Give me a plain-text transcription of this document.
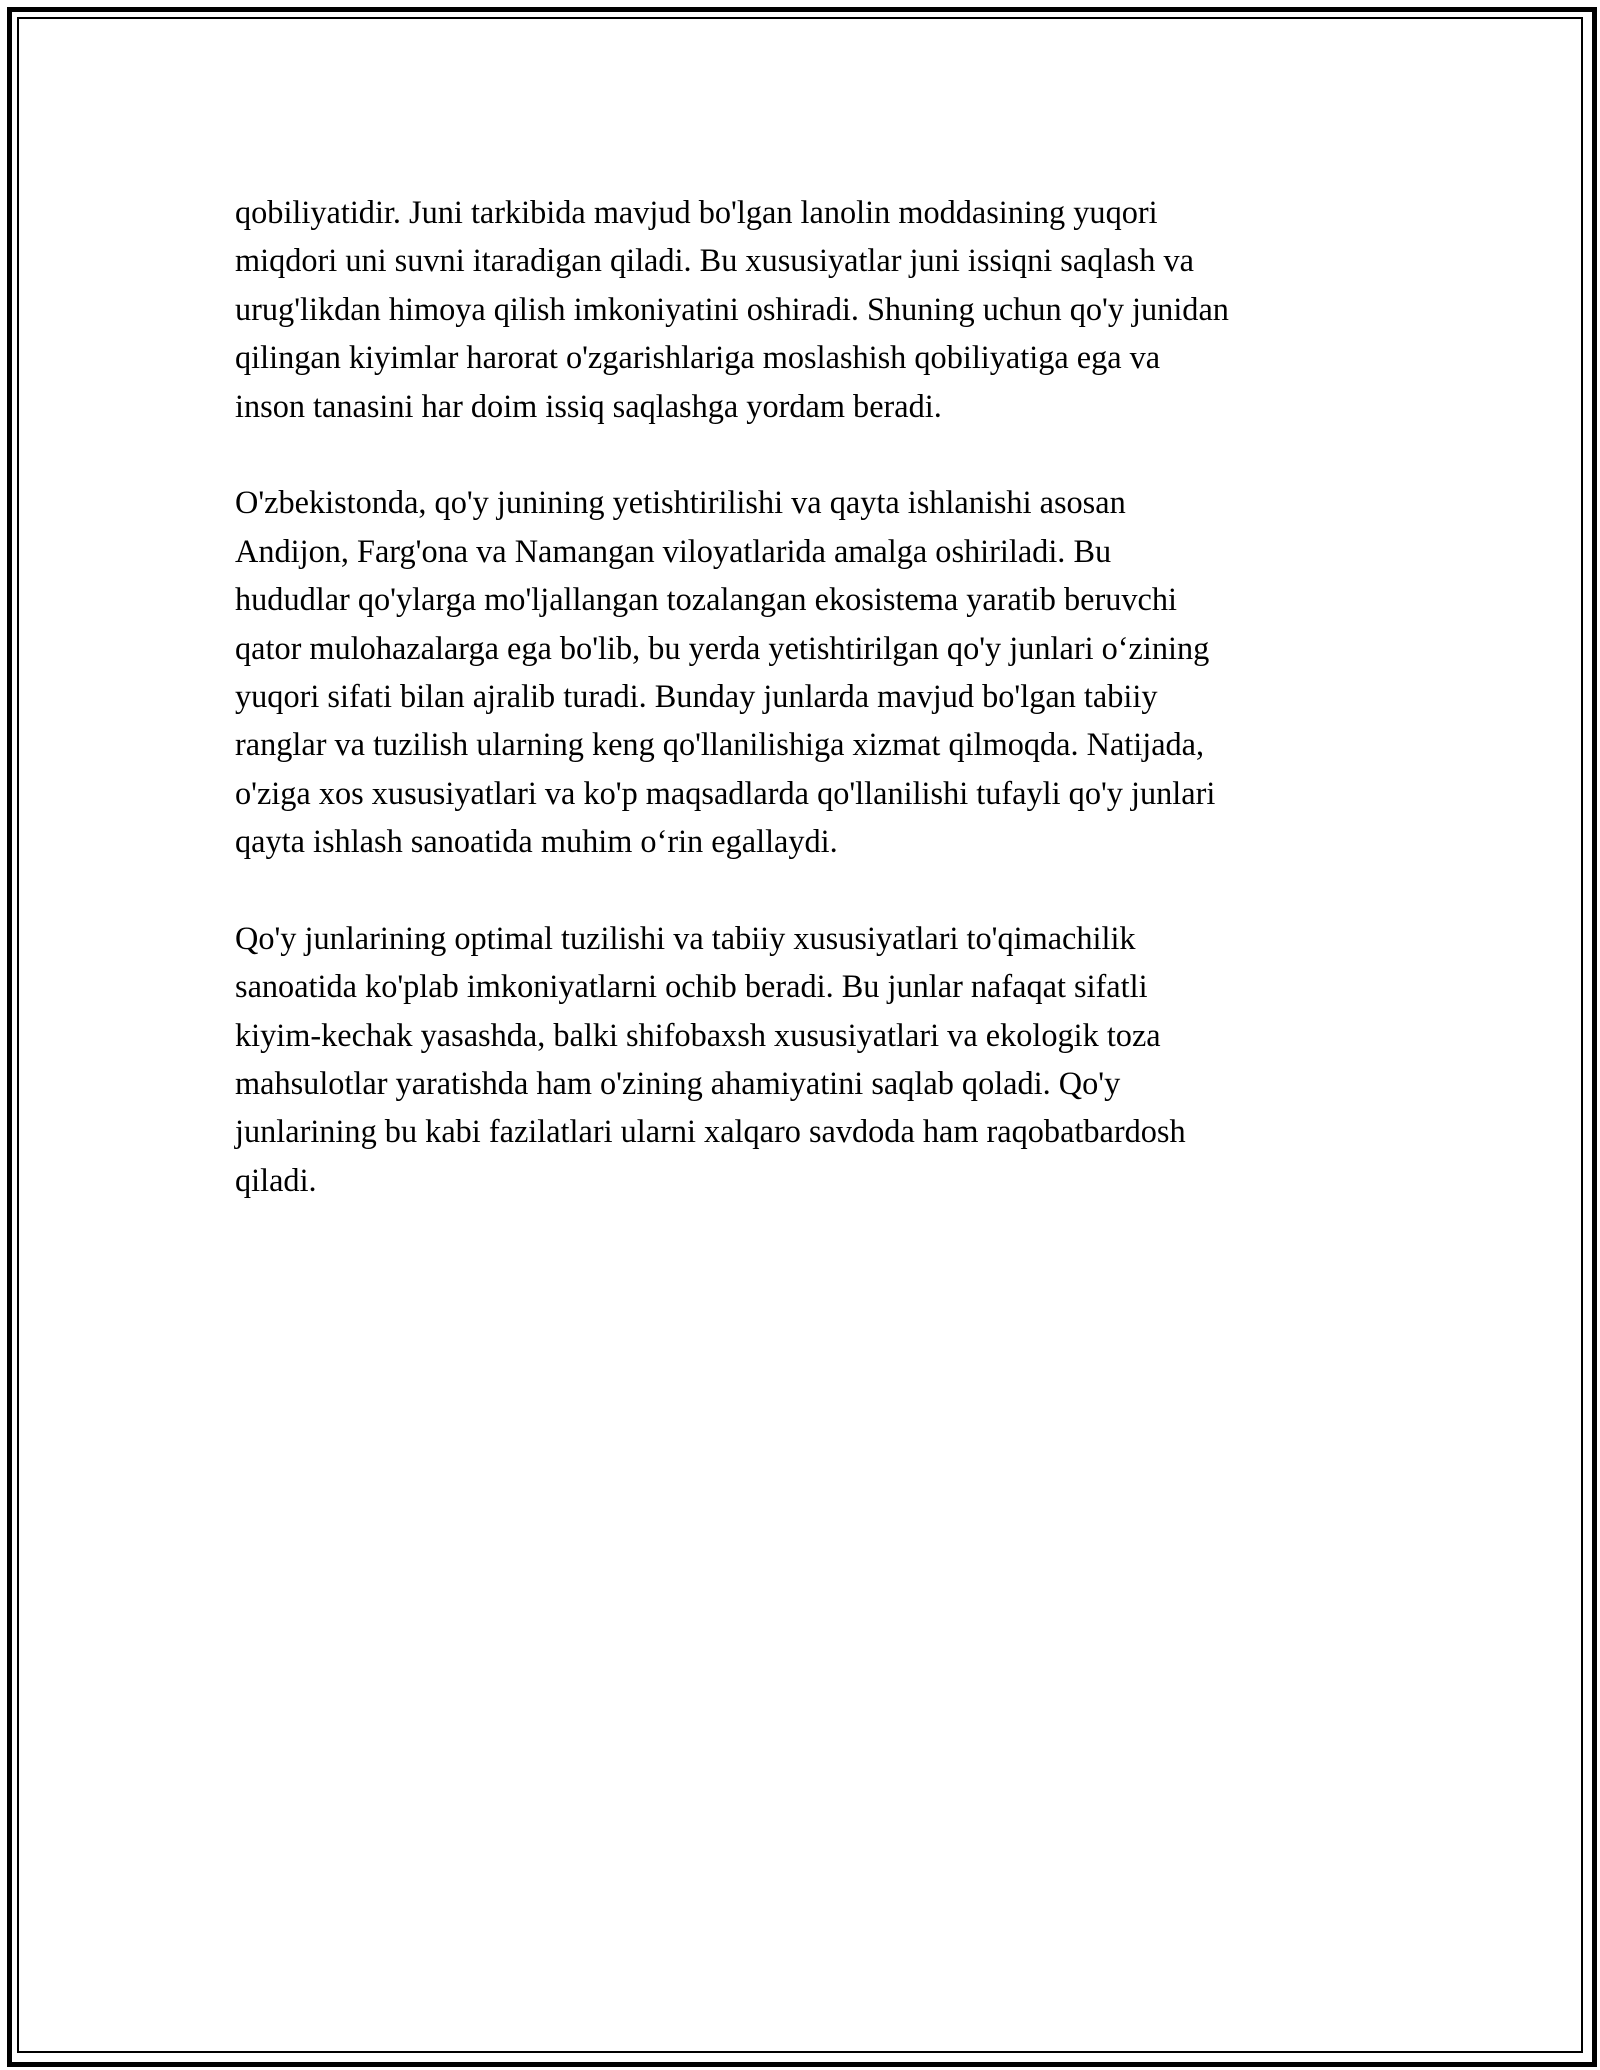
qobiliyatidir. Juni tarkibida mavjud bo'lgan lanolin moddasining yuqori
miqdori uni suvni itaradigan qiladi. Bu xususiyatlar juni issiqni saqlash va
urug'likdan himoya qilish imkoniyatini oshiradi. Shuning uchun qo'y junidan
qilingan kiyimlar harorat o'zgarishlariga moslashish qobiliyatiga ega va
inson tanasini har doim issiq saqlashga yordam beradi.

O'zbekistonda, qo'y junining yetishtirilishi va qayta ishlanishi asosan
Andijon, Farg'ona va Namangan viloyatlarida amalga oshiriladi. Bu
hududlar qo'ylarga mo'ljallangan tozalangan ekosistema yaratib beruvchi
qator mulohazalarga ega bo'lib, bu yerda yetishtirilgan qo'y junlari o‘zining
yuqori sifati bilan ajralib turadi. Bunday junlarda mavjud bo'lgan tabiiy
ranglar va tuzilish ularning keng qo'llanilishiga xizmat qilmoqda. Natijada,
o'ziga xos xususiyatlari va ko'p maqsadlarda qo'llanilishi tufayli qo'y junlari
qayta ishlash sanoatida muhim o‘rin egallaydi.

Qo'y junlarining optimal tuzilishi va tabiiy xususiyatlari to'qimachilik
sanoatida ko'plab imkoniyatlarni ochib beradi. Bu junlar nafaqat sifatli
kiyim-kechak yasashda, balki shifobaxsh xususiyatlari va ekologik toza
mahsulotlar yaratishda ham o'zining ahamiyatini saqlab qoladi. Qo'y
junlarining bu kabi fazilatlari ularni xalqaro savdoda ham raqobatbardosh
qiladi.
